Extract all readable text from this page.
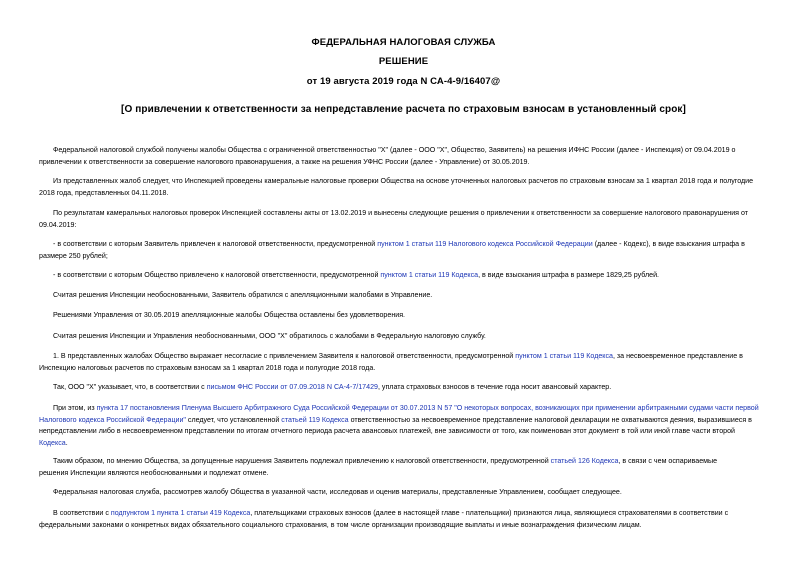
ФЕДЕРАЛЬНАЯ НАЛОГОВАЯ СЛУЖБА
РЕШЕНИЕ
от 19 августа 2019 года N СА-4-9/16407@
[О привлечении к ответственности за непредставление расчета по страховым взносам в установленный срок]
Федеральной налоговой службой получены жалобы Общества с ограниченной ответственностью "X" (далее - ООО "X", Общество, Заявитель) на решения ИФНС России (далее - Инспекция) от 09.04.2019 о
привлечении к ответственности за совершение налогового правонарушения, а также на решения УФНС России (далее - Управление) от 30.05.2019.
Из представленных жалоб следует, что Инспекцией проведены камеральные налоговые проверки Общества на основе уточненных налоговых расчетов по страховым взносам за 1 квартал 2018 года и полугодие
2018 года, представленных 04.11.2018.
По результатам камеральных налоговых проверок Инспекцией составлены акты от 13.02.2019 и вынесены следующие решения о привлечении к ответственности за совершение налогового правонарушения от
09.04.2019:
- в соответствии с которым Заявитель привлечен к налоговой ответственности, предусмотренной пунктом 1 статьи 119 Налогового кодекса Российской Федерации (далее - Кодекс), в виде взыскания штрафа в
размере 250 рублей;
- в соответствии с которым Общество привлечено к налоговой ответственности, предусмотренной пунктом 1 статьи 119 Кодекса, в виде взыскания штрафа в размере 1829,25 рублей.
Считая решения Инспекции необоснованными, Заявитель обратился с апелляционными жалобами в Управление.
Решениями Управления от 30.05.2019 апелляционные жалобы Общества оставлены без удовлетворения.
Считая решения Инспекции и Управления необоснованными, ООО "X" обратилось с жалобами в Федеральную налоговую службу.
1. В представленных жалобах Общество выражает несогласие с привлечением Заявителя к налоговой ответственности, предусмотренной пунктом 1 статьи 119 Кодекса, за несвоевременное представление в
Инспекцию налоговых расчетов по страховым взносам за 1 квартал 2018 года и полугодие 2018 года.
Так, ООО "X" указывает, что, в соответствии с письмом ФНС России от 07.09.2018 N СА-4-7/17429, уплата страховых взносов в течение года носит авансовый характер.
При этом, из пункта 17 постановления Пленума Высшего Арбитражного Суда Российской Федерации от 30.07.2013 N 57 "О некоторых вопросах, возникающих при применении арбитражными судами части первой
Налогового кодекса Российской Федерации" следует, что установленной статьей 119 Кодекса ответственностью за несвоевременное представление налоговой декларации не охватываются деяния, выразившиеся в
непредставлении либо в несвоевременном представлении по итогам отчетного периода расчета авансовых платежей, вне зависимости от того, как поименован этот документ в той или иной главе части второй
Кодекса.
Таким образом, по мнению Общества, за допущенные нарушения Заявитель подлежал привлечению к налоговой ответственности, предусмотренной статьей 126 Кодекса, в связи с чем оспариваемые
решения Инспекции являются необоснованными и подлежат отмене.
Федеральная налоговая служба, рассмотрев жалобу Общества в указанной части, исследовав и оценив материалы, представленные Управлением, сообщает следующее.
В соответствии с подпунктом 1 пункта 1 статьи 419 Кодекса, плательщиками страховых взносов (далее в настоящей главе - плательщики) признаются лица, являющиеся страхователями в соответствии с
федеральными законами о конкретных видах обязательного социального страхования, в том числе организации производящие выплаты и иные вознаграждения физическим лицам.
